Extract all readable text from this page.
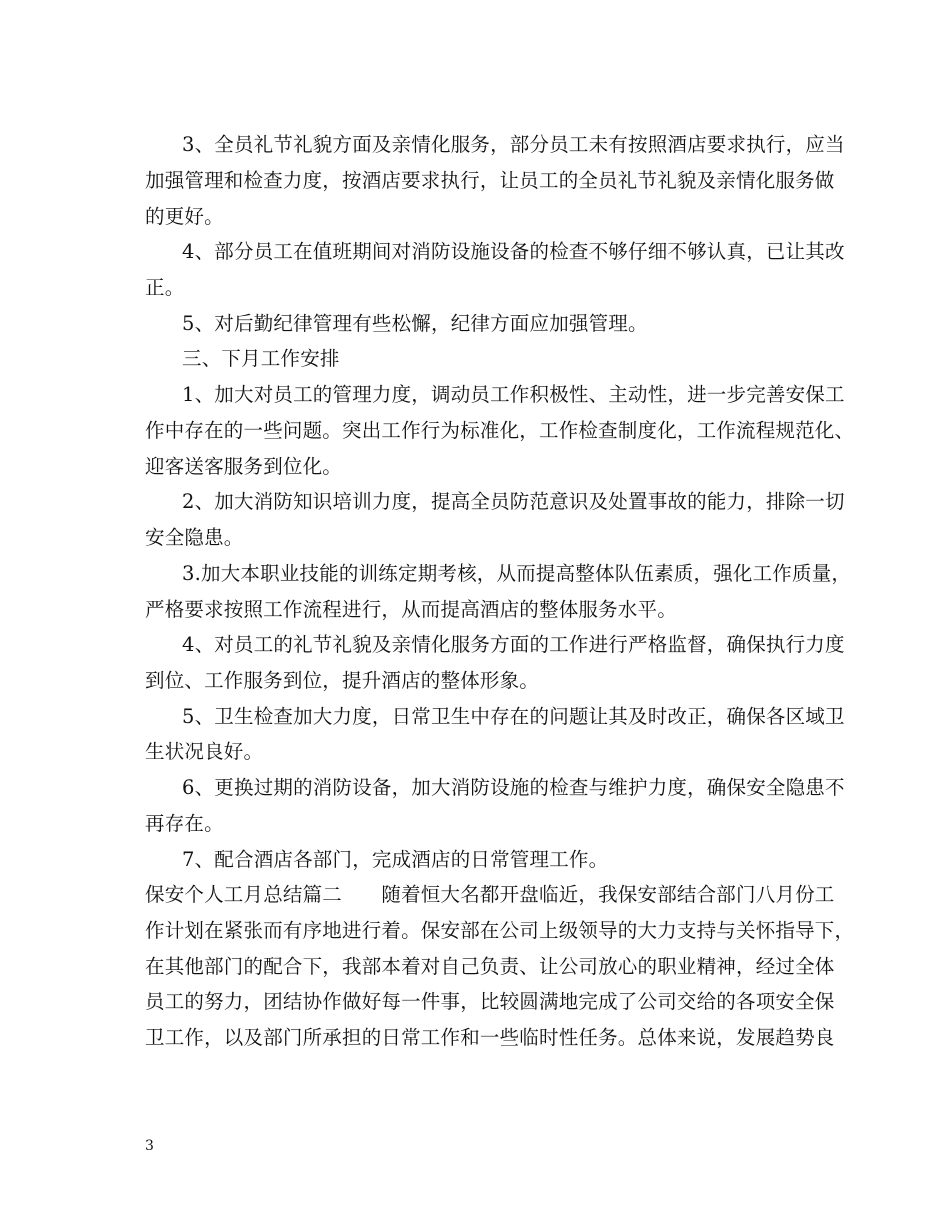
3、全员礼节礼貌方面及亲情化服务，部分员工未有按照酒店要求执行，应当
加强管理和检查力度，按酒店要求执行，让员工的全员礼节礼貌及亲情化服务做
的更好。
4、部分员工在值班期间对消防设施设备的检查不够仔细不够认真，已让其改
正。
5、对后勤纪律管理有些松懈，纪律方面应加强管理。
三、下月工作安排
1、加大对员工的管理力度，调动员工作积极性、主动性，进一步完善安保工
作中存在的一些问题。突出工作行为标准化，工作检查制度化，工作流程规范化、
迎客送客服务到位化。
2、加大消防知识培训力度，提高全员防范意识及处置事故的能力，排除一切
安全隐患。
3.加大本职业技能的训练定期考核，从而提高整体队伍素质，强化工作质量，
严格要求按照工作流程进行，从而提高酒店的整体服务水平。
4、对员工的礼节礼貌及亲情化服务方面的工作进行严格监督，确保执行力度
到位、工作服务到位，提升酒店的整体形象。
5、卫生检查加大力度，日常卫生中存在的问题让其及时改正，确保各区域卫
生状况良好。
6、更换过期的消防设备，加大消防设施的检查与维护力度，确保安全隐患不
再存在。
7、配合酒店各部门，完成酒店的日常管理工作。
保安个人工月总结篇二　　随着恒大名都开盘临近，我保安部结合部门八月份工
作计划在紧张而有序地进行着。保安部在公司上级领导的大力支持与关怀指导下，
在其他部门的配合下，我部本着对自己负责、让公司放心的职业精神，经过全体
员工的努力，团结协作做好每一件事，比较圆满地完成了公司交给的各项安全保
卫工作，以及部门所承担的日常工作和一些临时性任务。总体来说，发展趋势良
3
